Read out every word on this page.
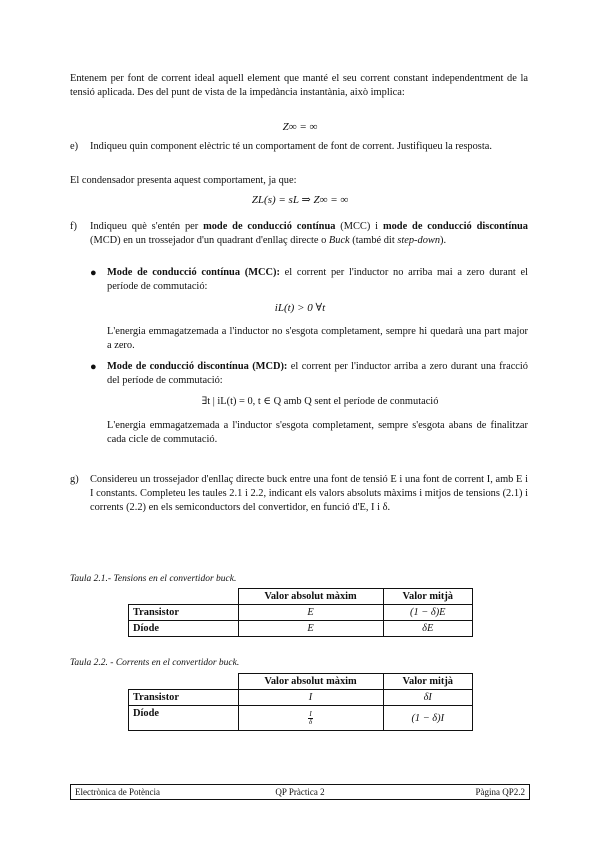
Entenem per font de corrent ideal aquell element que manté el seu corrent constant independentment de la tensió aplicada. Des del punt de vista de la impedància instantània, això implica:
Z∞ = ∞
e) Indiqueu quin component elèctric té un comportament de font de corrent. Justifiqueu la resposta.
El condensador presenta aquest comportament, ja que:
ZL(s) = sL ⇒ Z∞ = ∞
f) Indiqueu què s'entén per mode de conducció contínua (MCC) i mode de conducció discontínua (MCD) en un trossejador d'un quadrant d'enllaç directe o Buck (també dit step-down).
● Mode de conducció contínua (MCC): el corrent per l'inductor no arriba mai a zero durant el període de commutació:
iL(t) > 0 ∀t
L'energia emmagatzemada a l'inductor no s'esgota completament, sempre hi quedarà una part major a zero.
● Mode de conducció discontínua (MCD): el corrent per l'inductor arriba a zero durant una fracció del període de commutació:
∃t | iL(t) = 0, t ∈ Q amb Q sent el període de conmutació
L'energia emmagatzemada a l'inductor s'esgota completament, sempre s'esgota abans de finalitzar cada cicle de commutació.
g) Considereu un trossejador d'enllaç directe buck entre una font de tensió E i una font de corrent I, amb E i I constants. Completeu les taules 2.1 i 2.2, indicant els valors absoluts màxims i mitjos de tensions (2.1) i corrents (2.2) en els semiconductors del convertidor, en funció d'E, I i δ.
Taula 2.1.- Tensions en el convertidor buck.
	Valor absolut màxim	Valor mitjà
Transistor	E	(1 − δ)E
Díode	E	δE
Taula 2.2. - Corrents en el convertidor buck.
	Valor absolut màxim	Valor mitjà
Transistor	I	δI
Díode	$\frac{I}{\delta}$	(1 − δ)I
Electrònica de Potència	QP Pràctica 2	Pàgina QP2.2
